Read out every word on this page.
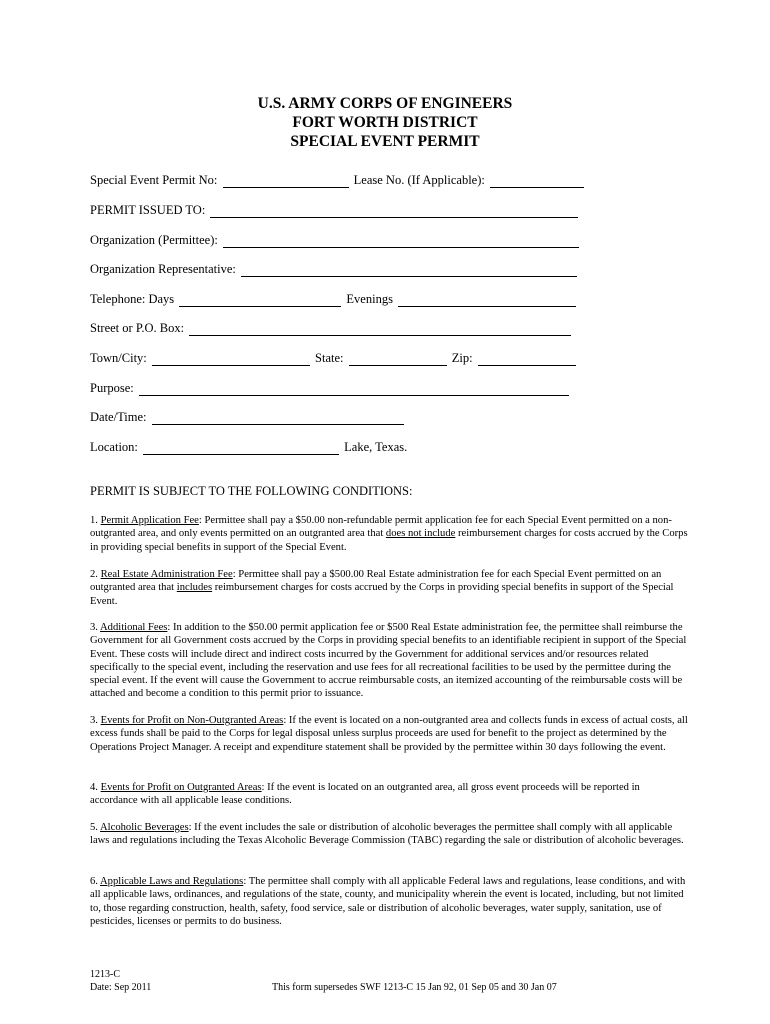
U.S. ARMY CORPS OF ENGINEERS
FORT WORTH DISTRICT
SPECIAL EVENT PERMIT
Special Event Permit No:	Lease No. (If Applicable):
PERMIT ISSUED TO:
Organization (Permittee):
Organization Representative:
Telephone: Days	Evenings
Street or P.O. Box:
Town/City:	State:	Zip:
Purpose:
Date/Time:
Location:	Lake, Texas.
PERMIT IS SUBJECT TO THE FOLLOWING CONDITIONS:
1. Permit Application Fee: Permittee shall pay a $50.00 non-refundable permit application fee for each Special Event permitted on a non-outgranted area, and only events permitted on an outgranted area that does not include reimbursement charges for costs accrued by the Corps in providing special benefits in support of the Special Event.
2. Real Estate Administration Fee: Permittee shall pay a $500.00 Real Estate administration fee for each Special Event permitted on an outgranted area that includes reimbursement charges for costs accrued by the Corps in providing special benefits in support of the Special Event.
3. Additional Fees: In addition to the $50.00 permit application fee or $500 Real Estate administration fee, the permittee shall reimburse the Government for all Government costs accrued by the Corps in providing special benefits to an identifiable recipient in support of the Special Event. These costs will include direct and indirect costs incurred by the Government for additional services and/or resources related specifically to the special event, including the reservation and use fees for all recreational facilities to be used by the permittee during the special event. If the event will cause the Government to accrue reimbursable costs, an itemized accounting of the reimbursable costs will be attached and become a condition to this permit prior to issuance.
3. Events for Profit on Non-Outgranted Areas: If the event is located on a non-outgranted area and collects funds in excess of actual costs, all excess funds shall be paid to the Corps for legal disposal unless surplus proceeds are used for benefit to the project as determined by the Operations Project Manager. A receipt and expenditure statement shall be provided by the permittee within 30 days following the event.
4. Events for Profit on Outgranted Areas: If the event is located on an outgranted area, all gross event proceeds will be reported in accordance with all applicable lease conditions.
5. Alcoholic Beverages: If the event includes the sale or distribution of alcoholic beverages the permittee shall comply with all applicable laws and regulations including the Texas Alcoholic Beverage Commission (TABC) regarding the sale or distribution of alcoholic beverages.
6. Applicable Laws and Regulations: The permittee shall comply with all applicable Federal laws and regulations, lease conditions, and with all applicable laws, ordinances, and regulations of the state, county, and municipality wherein the event is located, including, but not limited to, those regarding construction, health, safety, food service, sale or distribution of alcoholic beverages, water supply, sanitation, use of pesticides, licenses or permits to do business.
1213-C
Date: Sep 2011	This form supersedes SWF 1213-C 15 Jan 92, 01 Sep 05 and 30 Jan 07
